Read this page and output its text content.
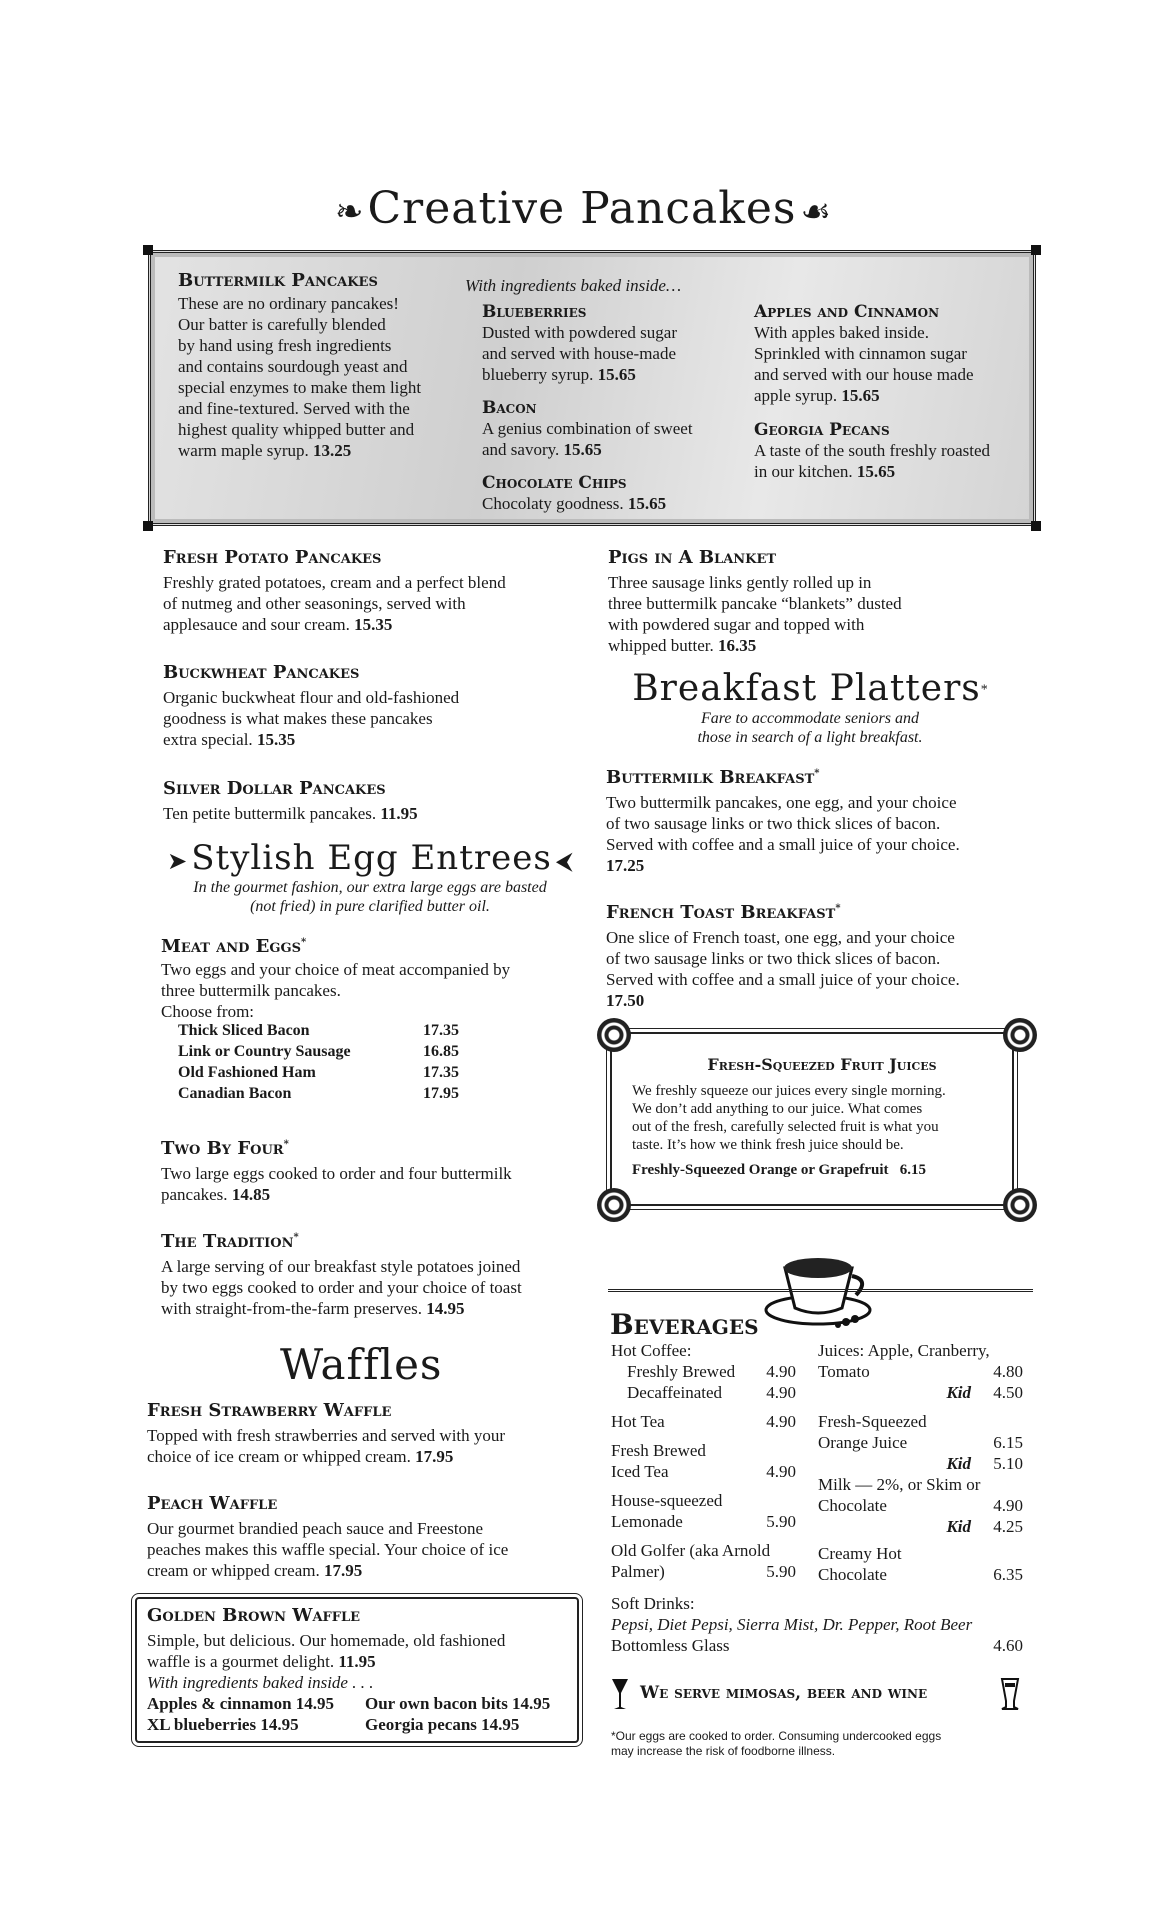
❧ Creative Pancakes ☙
Buttermilk Pancakes
These are no ordinary pancakes!
Our batter is carefully blended
by hand using fresh ingredients
and contains sourdough yeast and
special enzymes to make them light
and fine-textured. Served with the
highest quality whipped butter and
warm maple syrup. 13.25
With ingredients baked inside…
Blueberries
Dusted with powdered sugar
and served with house-made
blueberry syrup. 15.65
Bacon
A genius combination of sweet
and savory. 15.65
Chocolate Chips
Chocolaty goodness. 15.65
Apples and Cinnamon
With apples baked inside.
Sprinkled with cinnamon sugar
and served with our house made
apple syrup. 15.65
Georgia Pecans
A taste of the south freshly roasted
in our kitchen. 15.65
Fresh Potato Pancakes
Freshly grated potatoes, cream and a perfect blend
of nutmeg and other seasonings, served with
applesauce and sour cream. 15.35
Buckwheat Pancakes
Organic buckwheat flour and old-fashioned
goodness is what makes these pancakes
extra special. 15.35
Silver Dollar Pancakes
Ten petite buttermilk pancakes. 11.95
➤ Stylish Egg Entrees ⮜
In the gourmet fashion, our extra large eggs are basted
(not fried) in pure clarified butter oil.
Meat and Eggs*
Two eggs and your choice of meat accompanied by
three buttermilk pancakes.
Choose from:
Thick Sliced Bacon	17.35
Link or Country Sausage	16.85
Old Fashioned Ham	17.35
Canadian Bacon	17.95
Two By Four*
Two large eggs cooked to order and four buttermilk
pancakes. 14.85
The Tradition*
A large serving of our breakfast style potatoes joined
by two eggs cooked to order and your choice of toast
with straight-from-the-farm preserves. 14.95
Waffles
Fresh Strawberry Waffle
Topped with fresh strawberries and served with your
choice of ice cream or whipped cream. 17.95
Peach Waffle
Our gourmet brandied peach sauce and Freestone
peaches makes this waffle special. Your choice of ice
cream or whipped cream. 17.95
Golden Brown Waffle
Simple, but delicious. Our homemade, old fashioned
waffle is a gourmet delight. 11.95
With ingredients baked inside . . .
Apples & cinnamon 14.95 Our own bacon bits 14.95
XL blueberries 14.95	Georgia pecans 14.95
Pigs in A Blanket
Three sausage links gently rolled up in
three buttermilk pancake “blankets” dusted
with powdered sugar and topped with
whipped butter. 16.35
Breakfast Platters*
Fare to accommodate seniors and
those in search of a light breakfast.
Buttermilk Breakfast*
Two buttermilk pancakes, one egg, and your choice
of two sausage links or two thick slices of bacon.
Served with coffee and a small juice of your choice.
17.25
French Toast Breakfast*
One slice of French toast, one egg, and your choice
of two sausage links or two thick slices of bacon.
Served with coffee and a small juice of your choice.
17.50
Fresh-Squeezed Fruit Juices
We freshly squeeze our juices every single morning.
We don’t add anything to our juice. What comes
out of the fresh, carefully selected fruit is what you
taste. It’s how we think fresh juice should be.
Freshly-Squeezed Orange or Grapefruit 6.15
Beverages
Hot Coffee:
Freshly Brewed 4.90
Decaffeinated	4.90
Hot Tea	4.90
Fresh Brewed
Iced Tea	4.90
House-squeezed
Lemonade	5.90
Old Golfer (aka Arnold
Palmer)	5.90
Juices: Apple, Cranberry,
Tomato	4.80
Kid 4.50

Fresh-Squeezed
Orange Juice	6.15
Kid 5.10

Milk — 2%, or Skim or
Chocolate	4.90
Kid 4.25

Creamy Hot
Chocolate	6.35
Soft Drinks:
Pepsi, Diet Pepsi, Sierra Mist, Dr. Pepper, Root Beer
Bottomless Glass	4.60
We serve mimosas, beer and wine
*Our eggs are cooked to order. Consuming undercooked eggs
may increase the risk of foodborne illness.
